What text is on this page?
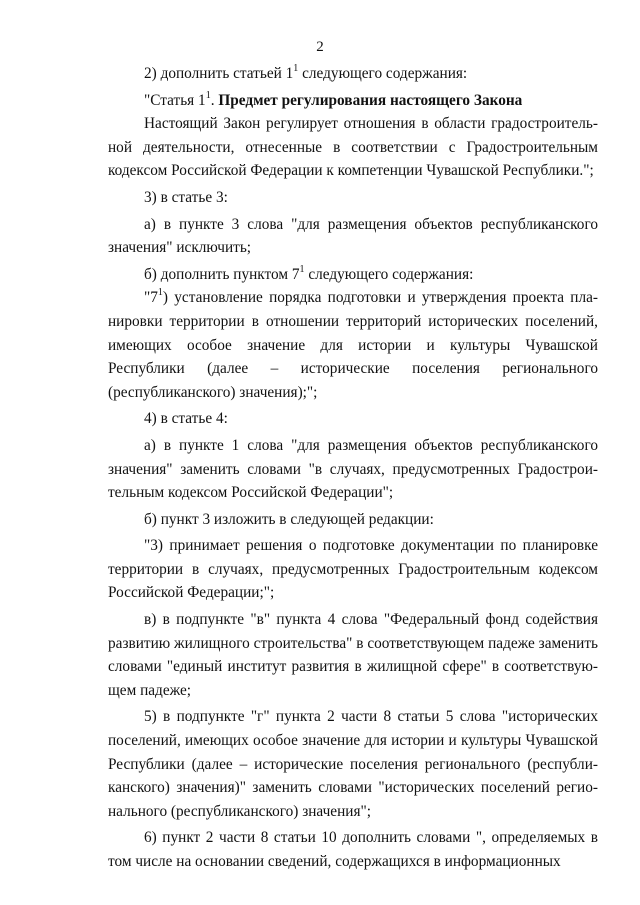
2

2) дополнить статьей $1^1$ следующего содержания:

"Статья $1^1$. Предмет регулирования настоящего Закона

Настоящий Закон регулирует отношения в области градостроительной деятельности, отнесенные в соответствии с Градостроительным кодексом Российской Федерации к компетенции Чувашской Республики.";

3) в статье 3:

а) в пункте 3 слова "для размещения объектов республиканского значения" исключить;

б) дополнить пунктом $7^1$ следующего содержания:

"$7^1$) установление порядка подготовки и утверждения проекта планировки территории в отношении территорий исторических поселений, имеющих особое значение для истории и культуры Чувашской Республики (далее – исторические поселения регионального (республиканского) значения);";

4) в статье 4:

а) в пункте 1 слова "для размещения объектов республиканского значения" заменить словами "в случаях, предусмотренных Градостроительным кодексом Российской Федерации";

б) пункт 3 изложить в следующей редакции:

"3) принимает решения о подготовке документации по планировке территории в случаях, предусмотренных Градостроительным кодексом Российской Федерации;";

в) в подпункте "в" пункта 4 слова "Федеральный фонд содействия развитию жилищного строительства" в соответствующем падеже заменить словами "единый институт развития в жилищной сфере" в соответствующем падеже;

5) в подпункте "г" пункта 2 части 8 статьи 5 слова "исторических поселений, имеющих особое значение для истории и культуры Чувашской Республики (далее – исторические поселения регионального (республиканского) значения)" заменить словами "исторических поселений регионального (республиканского) значения";

6) пункт 2 части 8 статьи 10 дополнить словами ", определяемых в том числе на основании сведений, содержащихся в информационных
